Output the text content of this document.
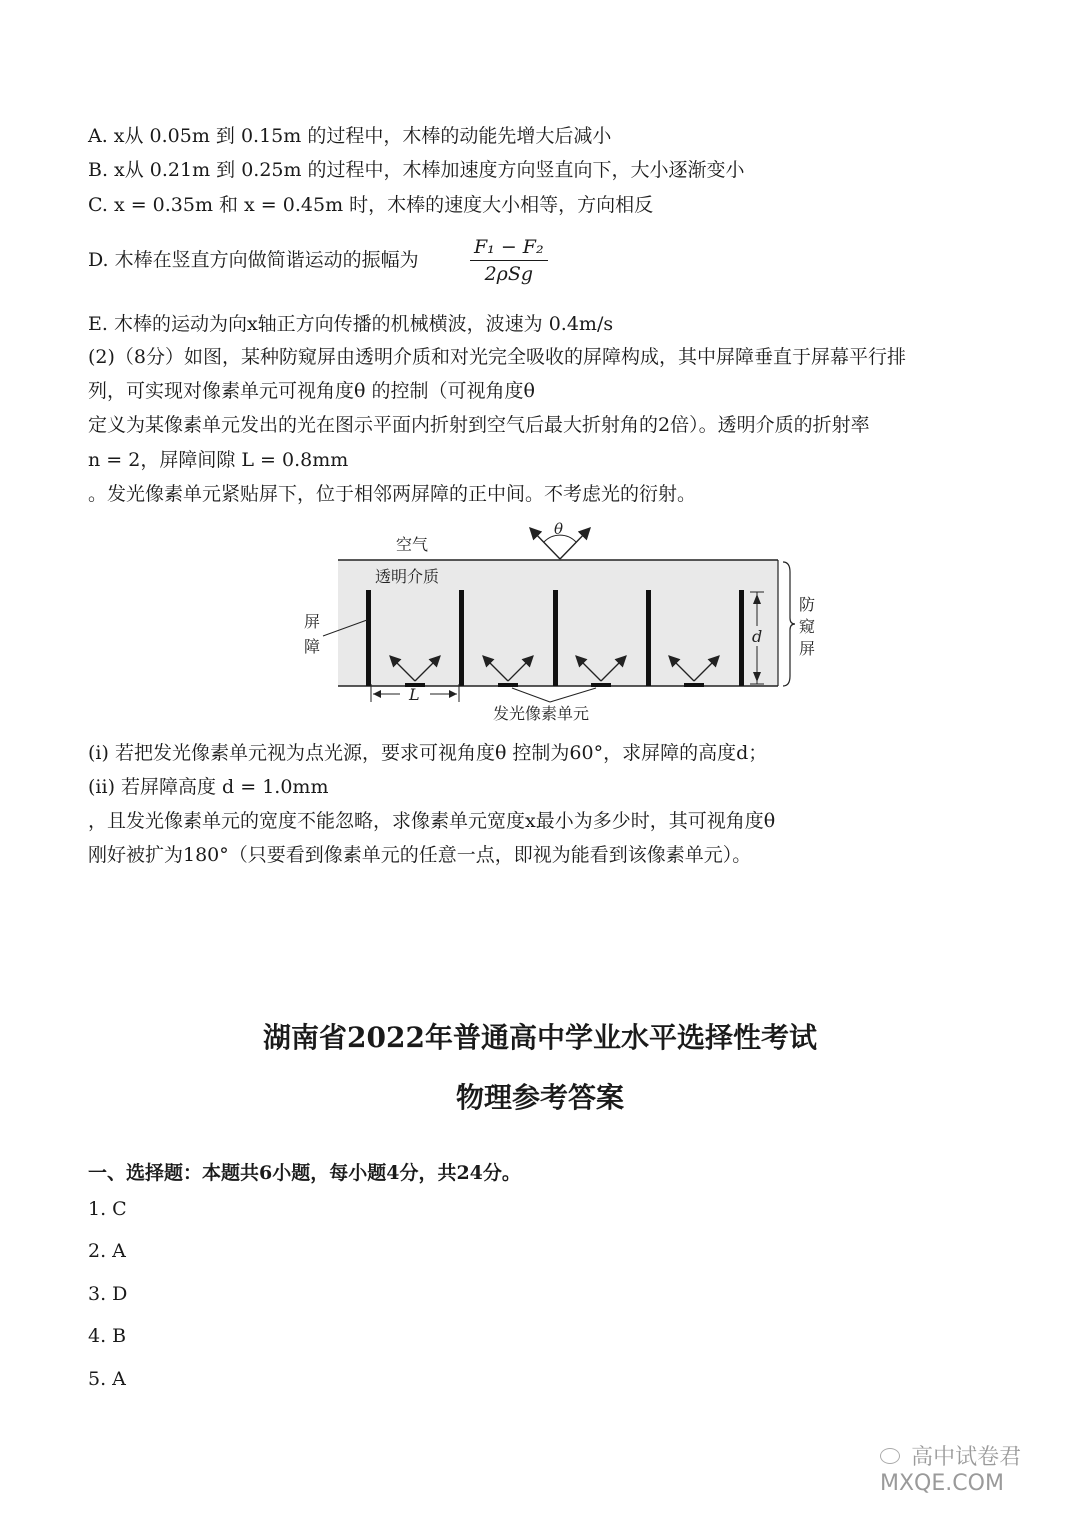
A. x从 0.05m 到 0.15m 的过程中，木棒的动能先增大后减小
B. x从 0.21m 到 0.25m 的过程中，木棒加速度方向竖直向下，大小逐渐变小
C. x = 0.35m 和 x = 0.45m 时，木棒的速度大小相等，方向相反
D. 木棒在竖直方向做简谐运动的振幅为
F₁ − F₂
2ρSg
E. 木棒的运动为向x轴正方向传播的机械横波，波速为 0.4m/s
(2)（8分）如图，某种防窥屏由透明介质和对光完全吸收的屏障构成，其中屏障垂直于屏幕平行排
列，可实现对像素单元可视角度θ 的控制（可视角度θ
定义为某像素单元发出的光在图示平面内折射到空气后最大折射角的2倍）。透明介质的折射率
n = 2，屏障间隙 L = 0.8mm
。发光像素单元紧贴屏下，位于相邻两屏障的正中间。不考虑光的衍射。
θ
空气
透明介质
屏
障
d
防
窥
屏
L
发光像素单元
(i) 若把发光像素单元视为点光源，要求可视角度θ 控制为60°，求屏障的高度d；
(ii) 若屏障高度 d = 1.0mm
，且发光像素单元的宽度不能忽略，求像素单元宽度x最小为多少时，其可视角度θ
刚好被扩为180°（只要看到像素单元的任意一点，即视为能看到该像素单元）。
湖南省2022年普通高中学业水平选择性考试
物理参考答案
一、选择题：本题共6小题，每小题4分，共24分。
1. C
2. A
3. D
4. B
5. A
高中试卷君 MXQE.COM
